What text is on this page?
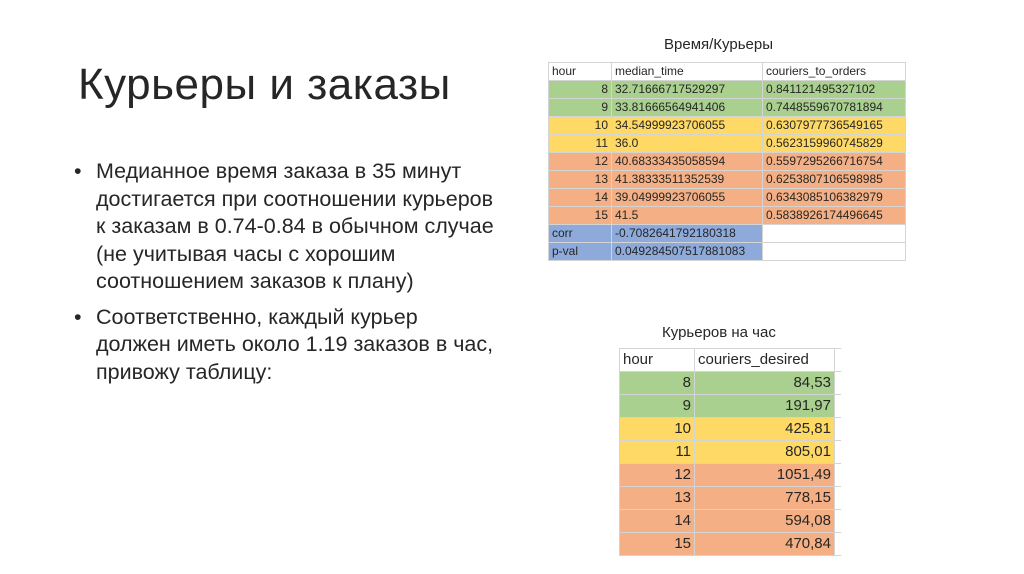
Курьеры и заказы
• Медианное время заказа в 35 минут достигается при соотношении курьеров к заказам в 0.74-0.84 в обычном случае (не учитывая часы с хорошим соотношением заказов к плану)
• Соответственно, каждый курьер должен иметь около 1.19 заказов в час, привожу таблицу:
Время/Курьеры
hour	median_time	couriers_to_orders
8	32.71666717529297	0.841121495327102
9	33.81666564941406	0.7448559670781894
10	34.54999923706055	0.6307977736549165
11	36.0	0.5623159960745829
12	40.68333435058594	0.5597295266716754
13	41.38333511352539	0.6253807106598985
14	39.04999923706055	0.6343085106382979
15	41.5	0.5838926174496645
corr	-0.7082641792180318	
p-val	0.049284507517881083	
Курьеров на час
hour	couriers_desired	
8	84,53	
9	191,97	
10	425,81	
11	805,01	
12	1051,49	
13	778,15	
14	594,08	
15	470,84	
